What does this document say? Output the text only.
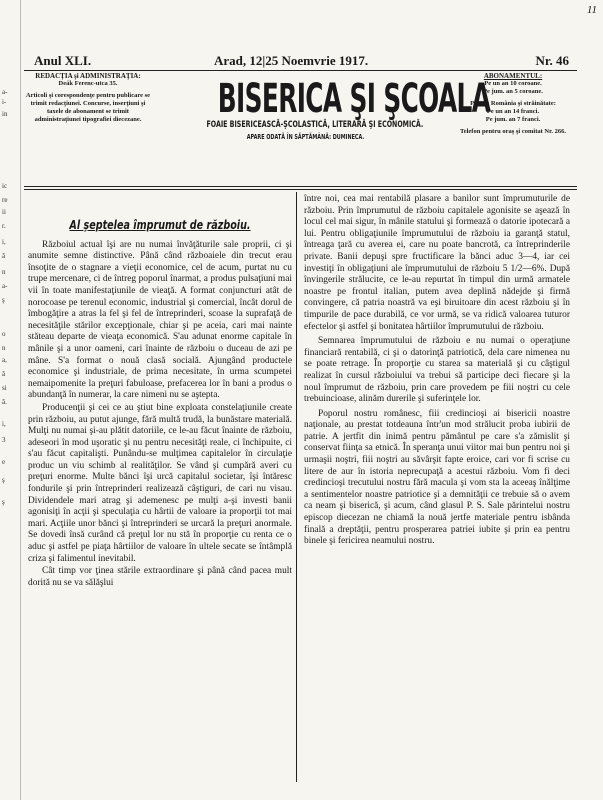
11
a-
i-
in
ic
re
ii
r.
i,
ă
n
a-
ş
o
n
a,
ă
si
ă.
i,
3
e
ş
ş
Anul XLI.	Arad, 12|25 Noemvrie 1917.	Nr. 46
REDACŢIA şi ADMINISTRAŢIA:
Deák Ferenc-utca 35.
Articoli şi corespondenţe pentru publicare se trimit redacţiunei. Concurse, inserţiuni şi taxele de abonament se trimit administraţiunei tipografiei diecezane. BISERICA ŞI ŞCOALA
FOAIE BISERICEASCĂ-ŞCOLASTICĂ, LITERARĂ ŞI ECONOMICĂ.
APARE ODATĂ ÎN SĂPTĂMÂNĂ: DUMINECA.
ABONAMENTUL:
Pe un an 10 coroane.
Pe jum. an 5 coroane.
Pentru România şi străinătate:
Pe un an 14 franci.
Pe jum. an 7 franci.
Telefon pentru oraş şi comitat Nr. 266.
Al şeptelea împrumut de războiu.

Războiul actual îşi are nu numai învăţăturile sale proprii, ci şi anumite semne distinctive. Până când războaiele din trecut erau însoţite de o stagnare a vieţii economice, cel de acum, purtat nu cu trupe mercenare, ci de întreg poporul înarmat, a produs pulsaţiuni mai vii în toate manifestaţiunile de vieaţă. A format conjuncturi atât de norocoase pe terenul economic, industrial şi comercial, încât dorul de îmbogăţire a atras la fel şi fel de întreprinderi, scoase la suprafaţă de necesităţile stărilor excepţionale, chiar şi pe aceia, cari mai nainte stăteau departe de vieaţa economică. S'au adunat enorme capitale în mânile şi a unor oameni, cari înainte de războiu o duceau de azi pe mâne. S'a format o nouă clasă socială. Ajungând productele economice şi industriale, de prima necesitate, în urma scumpetei nemaipomenite la preţuri fabuloase, prefacerea lor în bani a produs o abundanţă în numerar, la care nimeni nu se aştepta.

Producenţii şi cei ce au ştiut bine exploata constelaţiunile create prin războiu, au putut ajunge, fără multă trudă, la bunăstare materială. Mulţi nu numai şi-au plătit datoriile, ce le-au făcut înainte de războiu, adeseori în mod uşoratic şi nu pentru necesităţi reale, ci închipuite, ci s'au făcut capitalişti. Punându-se mulţimea capitalelor în circulaţie produc un viu schimb al realităţilor. Se vând şi cumpără averi cu preţuri enorme. Multe bănci îşi urcă capitalul societar, îşi întăresc fondurile şi prin întreprinderi realizează câştiguri, de cari nu visau. Dividendele mari atrag şi ademenesc pe mulţi a-şi investi banii agonisiţi în acţii şi speculaţia cu hârtii de valoare ia proporţii tot mai mari. Acţiile unor bănci şi întreprinderi se urcară la preţuri anormale. Se dovedi însă curând că preţul lor nu stă în proporţie cu renta ce o aduc şi astfel pe piaţa hârtiilor de valoare în ultele secate se întâmplă criza şi falimentul inevitabil.

Cât timp vor ţinea stările extraordinare şi până când pacea mult dorită nu se va sălăşlui

între noi, cea mai rentabilă plasare a banilor sunt împrumuturile de războiu. Prin împrumutul de războiu capitalele agonisite se aşează în locul cel mai sigur, în mânile statului şi formează o datorie ipotecară a lui. Pentru obligaţiunile împrumutului de războiu ia garanţă statul, întreaga ţară cu averea ei, care nu poate bancrotă, ca întreprinderile private. Banii depuşi spre fructificare la bănci aduc 3—4, iar cei investiţi în obligaţiuni ale împrumutului de războiu 5 1/2—6%. După învingerile strălucite, ce le-au repurtat în timpul din urmă armatele noastre pe frontul italian, putem avea deplină nădejde şi firmă convingere, că patria noastră va eşi biruitoare din acest războiu şi în timpurile de pace durabilă, ce vor urmă, se va ridică valoarea tuturor efectelor şi astfel şi bonitatea hârtiilor împrumutului de războiu.

Semnarea împrumutului de războiu e nu numai o operaţiune financiară rentabilă, ci şi o datorinţă patriotică, dela care nimenea nu se poate retrage. În proporţie cu starea sa materială şi cu câştigul realizat în cursul războiului va trebui să participe deci fiecare şi la noul împrumut de războiu, prin care provedem pe fiii noştri cu cele trebuincioase, alinăm durerile şi suferinţele lor.

Poporul nostru românesc, fiii credincioşi ai bisericii noastre naţionale, au prestat totdeauna într'un mod strălucit proba iubirii de patrie. A jertfit din inimă pentru pământul pe care s'a zămislit şi conservat fiinţa sa etnică. În speranţa unui viitor mai bun pentru noi şi urmaşii noştri, fiii noştri au săvârşit fapte eroice, cari vor fi scrise cu litere de aur în istoria neprecupaţă a acestui războiu. Vom fi deci credincioşi trecutului nostru fără macula şi vom sta la aceeaş înălţime a sentimentelor noastre patriotice şi a demnităţii ce trebuie să o avem ca neam şi biserică, şi acum, când glasul P. S. Sale părintelui nostru episcop diecezan ne chiamă la nouă jertfe materiale pentru isbânda finală a dreptăţii, pentru prosperarea patriei iubite şi prin ea pentru binele şi fericirea neamului nostru.
